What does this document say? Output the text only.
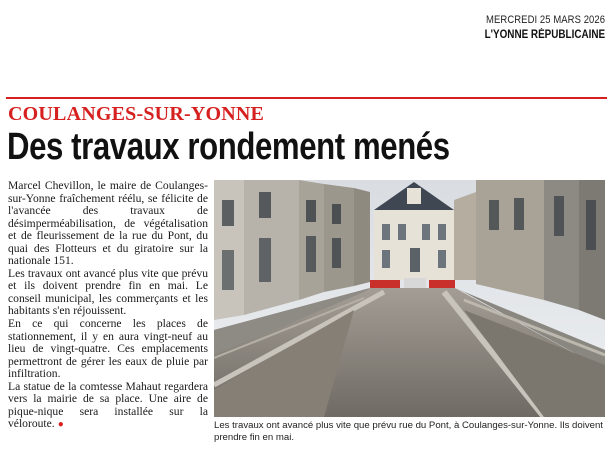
MERCREDI 25 MARS 2026
L'YONNE RÉPUBLICAINE
COULANGES-SUR-YONNE
Des travaux rondement menés

Marcel Chevillon, le maire de Coulanges-sur-Yonne fraîchement réélu, se félicite de l'avancée des travaux de désimperméabilisation, de végétalisation et de fleurissement de la rue du Pont, du quai des Flotteurs et du giratoire sur la nationale 151.

Les travaux ont avancé plus vite que prévu et ils doivent prendre fin en mai. Le conseil municipal, les commerçants et les habitants s'en réjouissent.

En ce qui concerne les places de stationnement, il y en aura vingt-neuf au lieu de vingt-quatre. Ces emplacements permettront de gérer les eaux de pluie par infiltration.

La statue de la comtesse Mahaut regardera vers la mairie de sa place. Une aire de pique-nique sera installée sur la véloroute. ●	Les travaux ont avancé plus vite que prévu rue du Pont, à Coulanges-sur-Yonne. Ils doivent prendre fin en mai.
